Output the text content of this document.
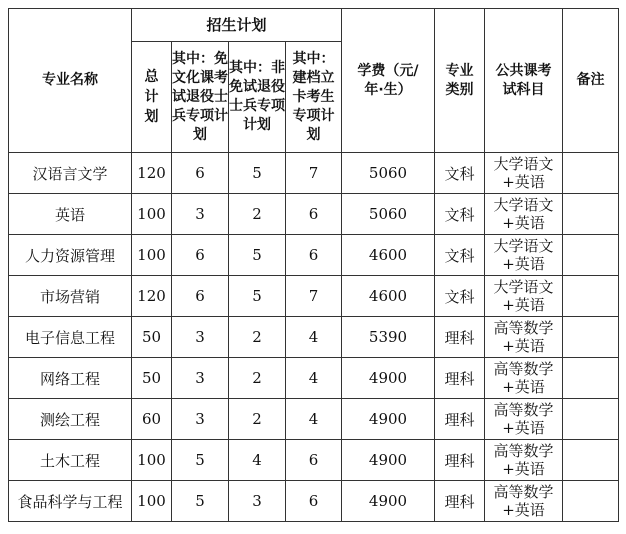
专业名称	招生计划				学费（元/年·生）	专业类别	公共课考试科目	备注
	总计划	其中：免文化课考试退役士兵专项计划	其中：非免试退役士兵专项计划	其中：建档立卡考生专项计划				
汉语言文学	120	6	5	7	5060	文科	大学语文+英语	
英语	100	3	2	6	5060	文科	大学语文+英语	
人力资源管理	100	6	5	6	4600	文科	大学语文+英语	
市场营销	120	6	5	7	4600	文科	大学语文+英语	
电子信息工程	50	3	2	4	5390	理科	高等数学+英语	
网络工程	50	3	2	4	4900	理科	高等数学+英语	
测绘工程	60	3	2	4	4900	理科	高等数学+英语	
土木工程	100	5	4	6	4900	理科	高等数学+英语	
食品科学与工程	100	5	3	6	4900	理科	高等数学+英语	
